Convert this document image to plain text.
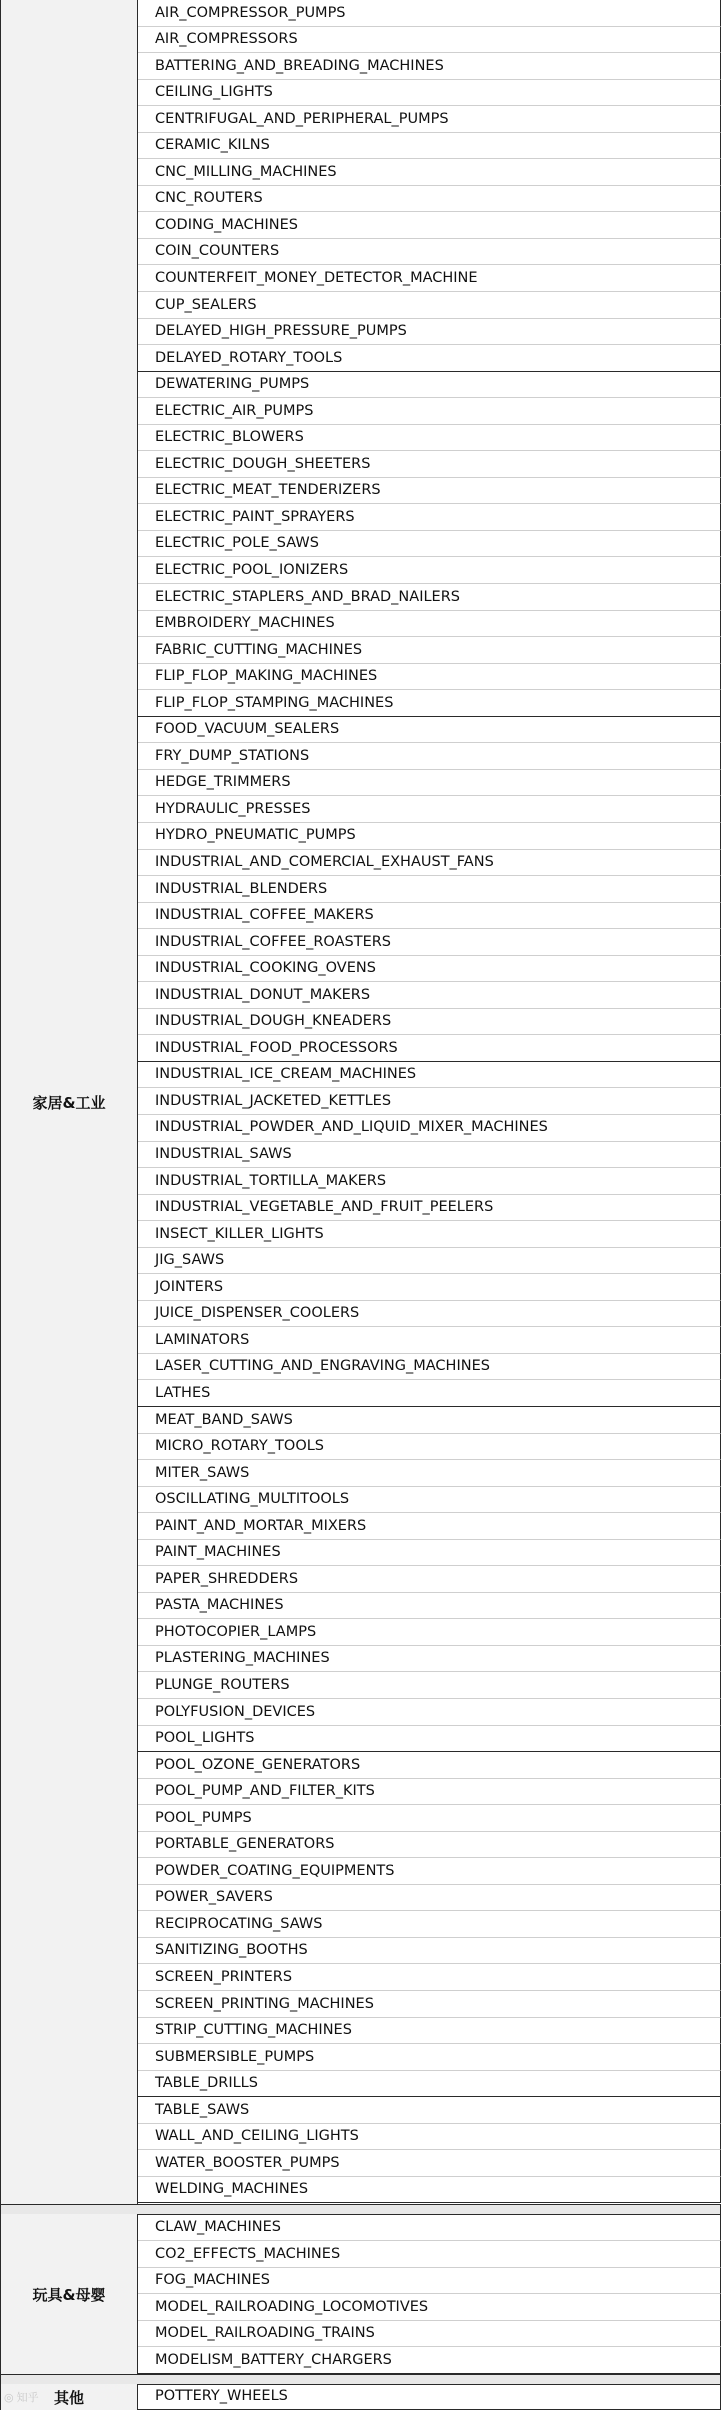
家居&工业
AIR_COMPRESSOR_PUMPS
AIR_COMPRESSORS
BATTERING_AND_BREADING_MACHINES
CEILING_LIGHTS
CENTRIFUGAL_AND_PERIPHERAL_PUMPS
CERAMIC_KILNS
CNC_MILLING_MACHINES
CNC_ROUTERS
CODING_MACHINES
COIN_COUNTERS
COUNTERFEIT_MONEY_DETECTOR_MACHINE
CUP_SEALERS
DELAYED_HIGH_PRESSURE_PUMPS
DELAYED_ROTARY_TOOLS
DEWATERING_PUMPS
ELECTRIC_AIR_PUMPS
ELECTRIC_BLOWERS
ELECTRIC_DOUGH_SHEETERS
ELECTRIC_MEAT_TENDERIZERS
ELECTRIC_PAINT_SPRAYERS
ELECTRIC_POLE_SAWS
ELECTRIC_POOL_IONIZERS
ELECTRIC_STAPLERS_AND_BRAD_NAILERS
EMBROIDERY_MACHINES
FABRIC_CUTTING_MACHINES
FLIP_FLOP_MAKING_MACHINES
FLIP_FLOP_STAMPING_MACHINES
FOOD_VACUUM_SEALERS
FRY_DUMP_STATIONS
HEDGE_TRIMMERS
HYDRAULIC_PRESSES
HYDRO_PNEUMATIC_PUMPS
INDUSTRIAL_AND_COMERCIAL_EXHAUST_FANS
INDUSTRIAL_BLENDERS
INDUSTRIAL_COFFEE_MAKERS
INDUSTRIAL_COFFEE_ROASTERS
INDUSTRIAL_COOKING_OVENS
INDUSTRIAL_DONUT_MAKERS
INDUSTRIAL_DOUGH_KNEADERS
INDUSTRIAL_FOOD_PROCESSORS
INDUSTRIAL_ICE_CREAM_MACHINES
INDUSTRIAL_JACKETED_KETTLES
INDUSTRIAL_POWDER_AND_LIQUID_MIXER_MACHINES
INDUSTRIAL_SAWS
INDUSTRIAL_TORTILLA_MAKERS
INDUSTRIAL_VEGETABLE_AND_FRUIT_PEELERS
INSECT_KILLER_LIGHTS
JIG_SAWS
JOINTERS
JUICE_DISPENSER_COOLERS
LAMINATORS
LASER_CUTTING_AND_ENGRAVING_MACHINES
LATHES
MEAT_BAND_SAWS
MICRO_ROTARY_TOOLS
MITER_SAWS
OSCILLATING_MULTITOOLS
PAINT_AND_MORTAR_MIXERS
PAINT_MACHINES
PAPER_SHREDDERS
PASTA_MACHINES
PHOTOCOPIER_LAMPS
PLASTERING_MACHINES
PLUNGE_ROUTERS
POLYFUSION_DEVICES
POOL_LIGHTS
POOL_OZONE_GENERATORS
POOL_PUMP_AND_FILTER_KITS
POOL_PUMPS
PORTABLE_GENERATORS
POWDER_COATING_EQUIPMENTS
POWER_SAVERS
RECIPROCATING_SAWS
SANITIZING_BOOTHS
SCREEN_PRINTERS
SCREEN_PRINTING_MACHINES
STRIP_CUTTING_MACHINES
SUBMERSIBLE_PUMPS
TABLE_DRILLS
TABLE_SAWS
WALL_AND_CEILING_LIGHTS
WATER_BOOSTER_PUMPS
WELDING_MACHINES
玩具&母婴
CLAW_MACHINES
CO2_EFFECTS_MACHINES
FOG_MACHINES
MODEL_RAILROADING_LOCOMOTIVES
MODEL_RAILROADING_TRAINS
MODELISM_BATTERY_CHARGERS
其他	POTTERY_WHEELS
◎ 知乎
